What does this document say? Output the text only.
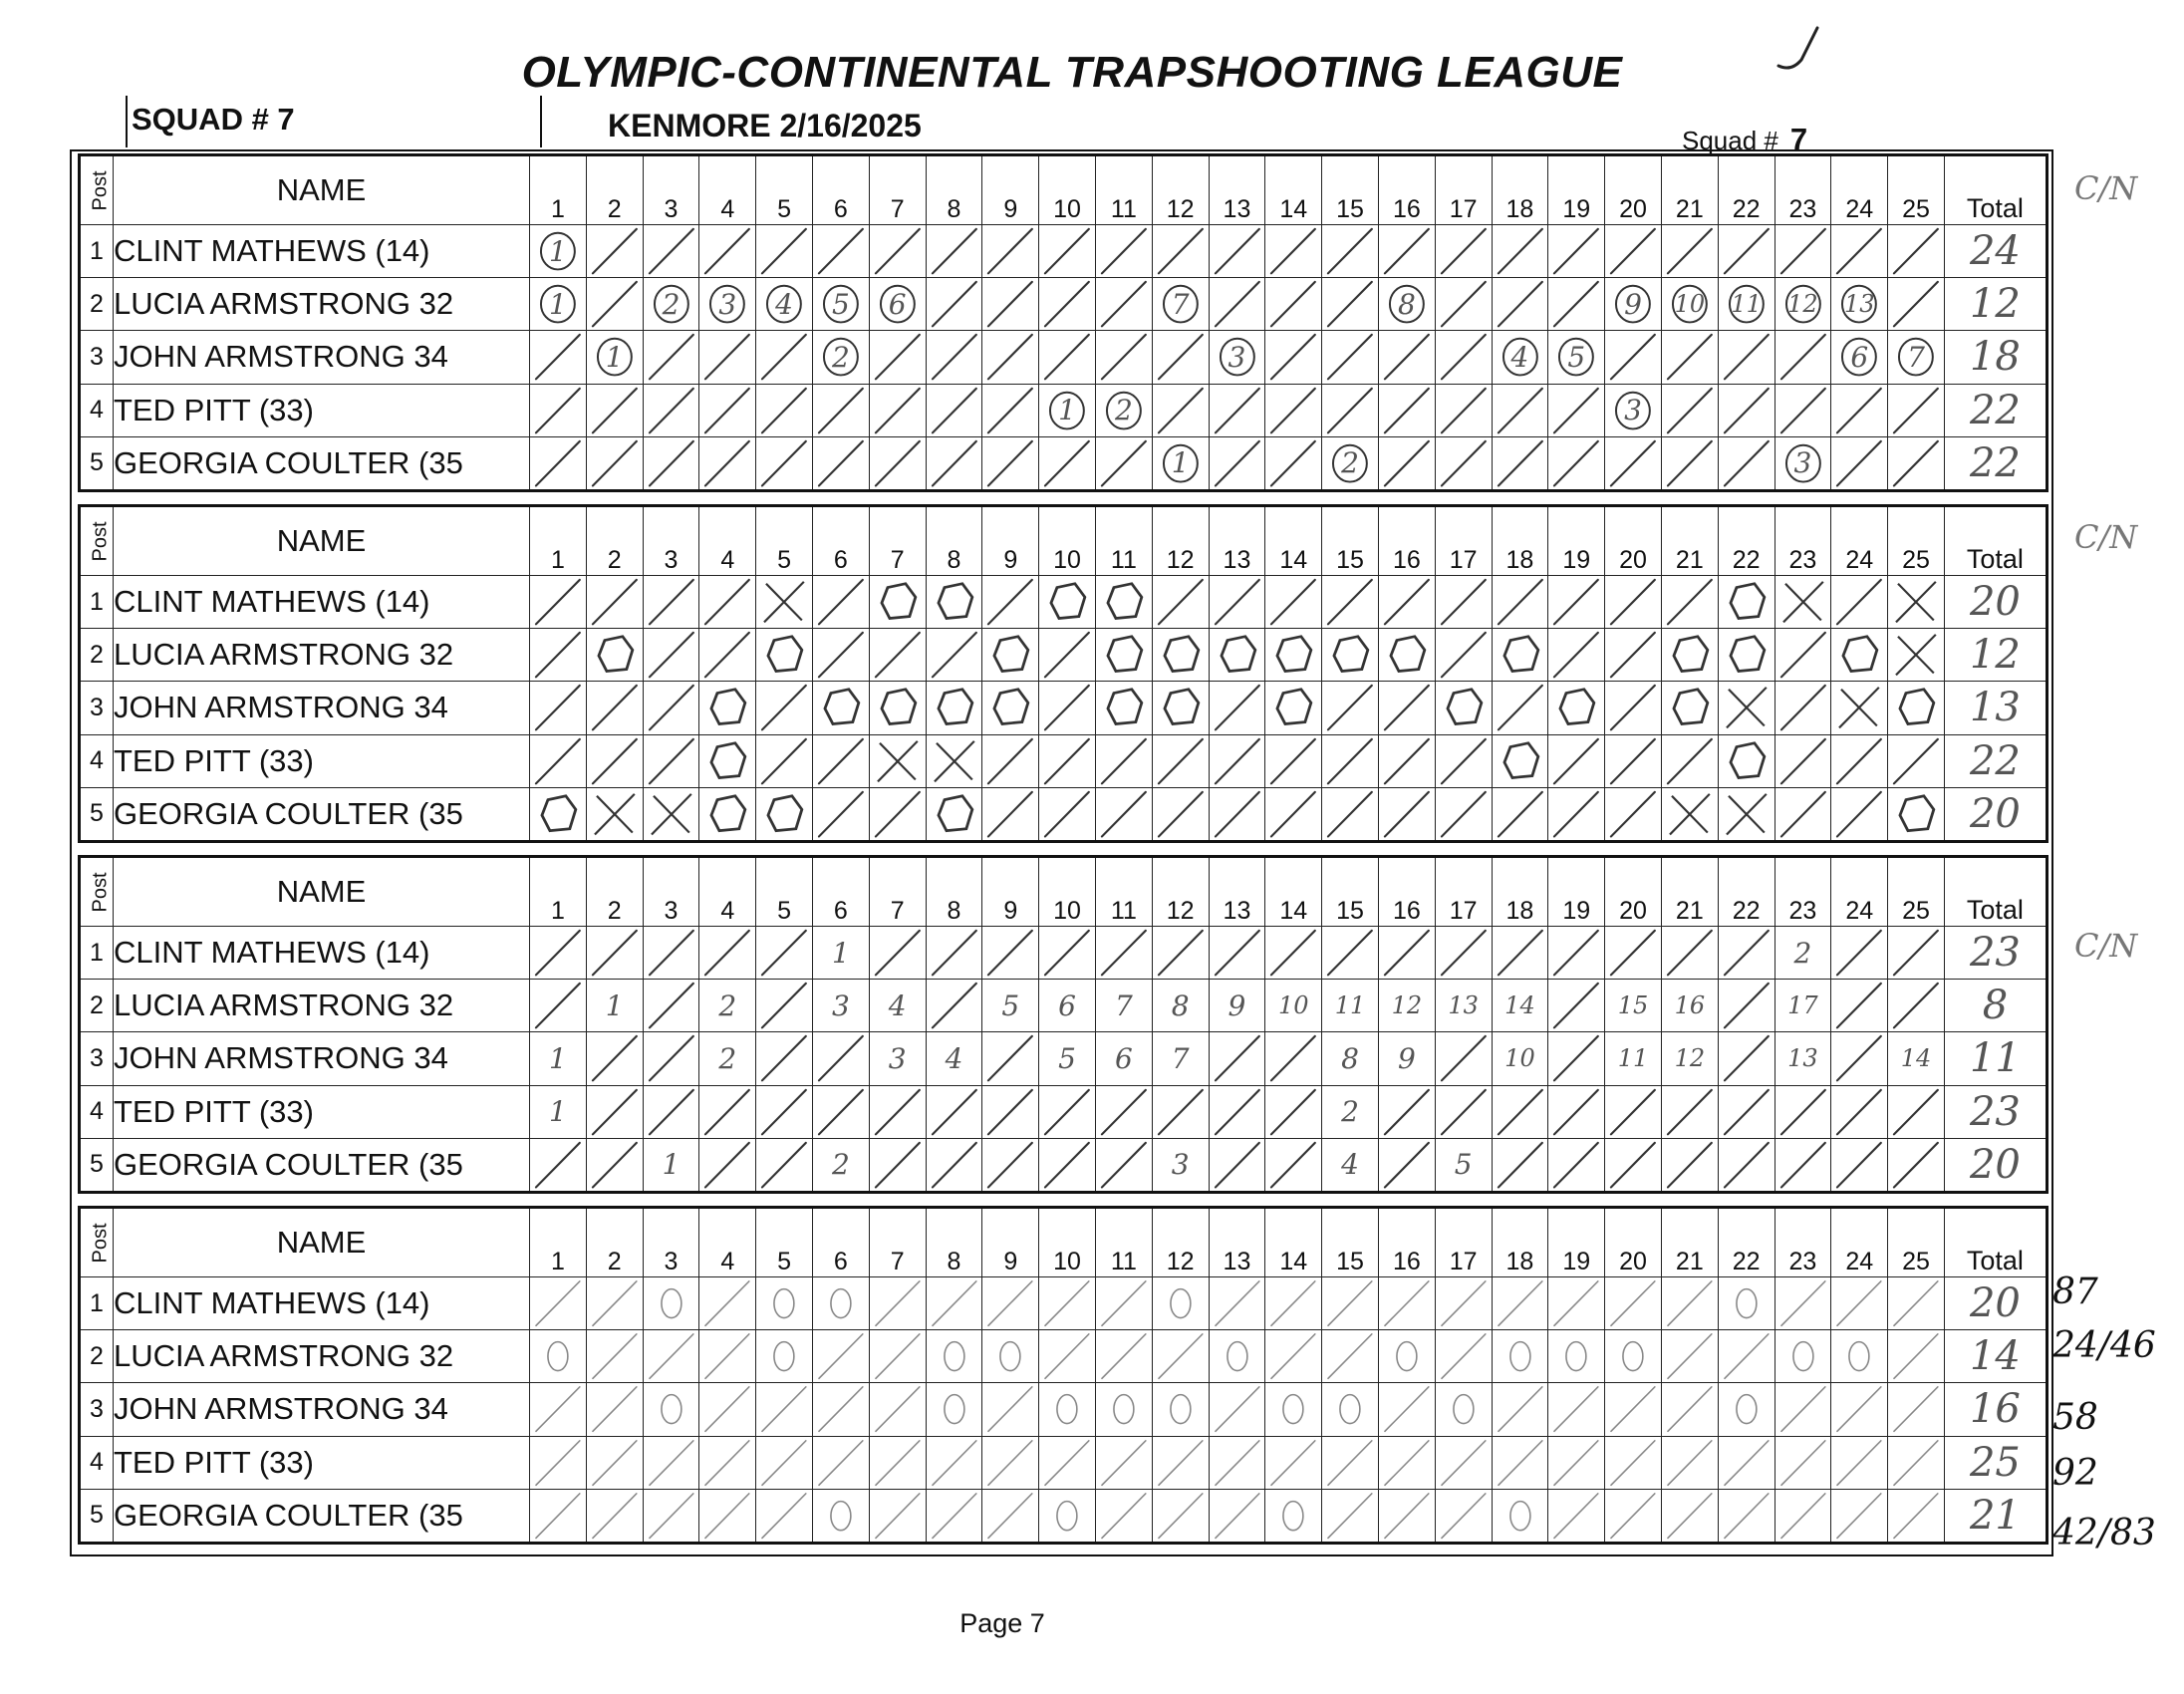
OLYMPIC-CONTINENTAL TRAPSHOOTING LEAGUE
SQUAD # 7	KENMORE 2/16/2025	Squad # 7
Post	NAME	1	2	3	4	5	6	7	8	9	10	11	12	13	14	15	16	17	18	19	20	21	22	23	24	25	Total
1	CLINT MATHEWS (14)	1																									24
2	LUCIA ARMSTRONG 32	1		2	3	4	5	6					7				8				9	10	11	12	13		12
3	JOHN ARMSTRONG 34		1				2							3					4	5					6	7	18
4	TED PITT (33)										1	2									3						22
5	GEORGIA COULTER (35												1			2								3			22
Post	NAME	1	2	3	4	5	6	7	8	9	10	11	12	13	14	15	16	17	18	19	20	21	22	23	24	25	Total
1	CLINT MATHEWS (14)																										20
2	LUCIA ARMSTRONG 32																										12
3	JOHN ARMSTRONG 34																										13
4	TED PITT (33)																										22
5	GEORGIA COULTER (35																										20
Post	NAME	1	2	3	4	5	6	7	8	9	10	11	12	13	14	15	16	17	18	19	20	21	22	23	24	25	Total
1	CLINT MATHEWS (14)						1																	2			23
2	LUCIA ARMSTRONG 32		1		2		3	4		5	6	7	8	9	10	11	12	13	14		15	16		17			8
3	JOHN ARMSTRONG 34	1			2			3	4		5	6	7			8	9		10		11	12		13		14	11
4	TED PITT (33)	1														2											23
5	GEORGIA COULTER (35			1			2						3			4		5									20
Post	NAME	1	2	3	4	5	6	7	8	9	10	11	12	13	14	15	16	17	18	19	20	21	22	23	24	25	Total
1	CLINT MATHEWS (14)																										20
2	LUCIA ARMSTRONG 32																										14
3	JOHN ARMSTRONG 34																										16
4	TED PITT (33)																										25
5	GEORGIA COULTER (35																										21
C/N
C/N
C/N
87
24/46
58
92
42/83
Page 7
